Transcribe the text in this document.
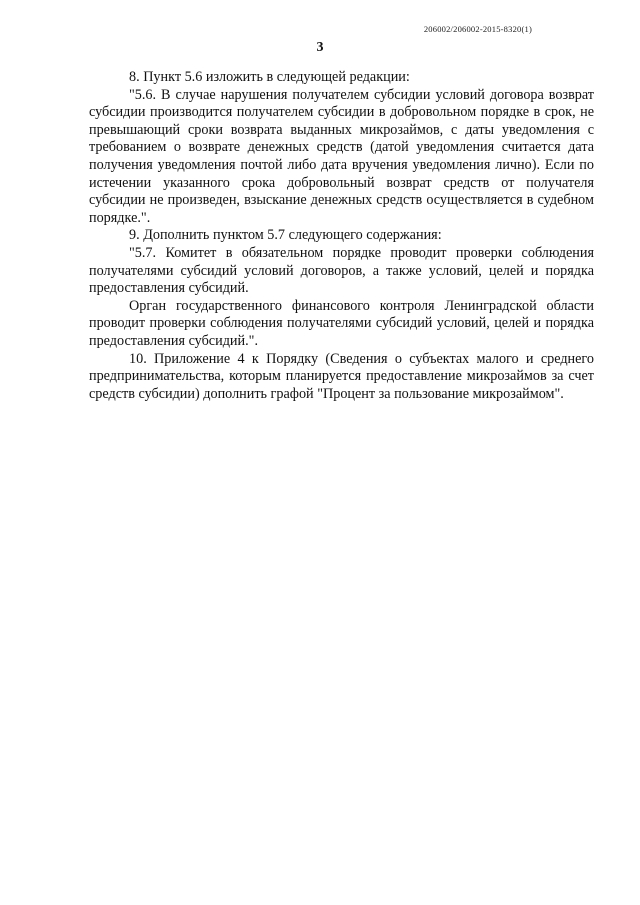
206002/206002-2015-8320(1)
3

8. Пункт 5.6 изложить в следующей редакции:

"5.6. В случае нарушения получателем субсидии условий договора возврат субсидии производится получателем субсидии в добровольном порядке в срок, не превышающий сроки возврата выданных микрозаймов, с даты уведомления с требованием о возврате денежных средств (датой уведомления считается дата получения уведомления почтой либо дата вручения уведомления лично). Если по истечении указанного срока добровольный возврат средств от получателя субсидии не произведен, взыскание денежных средств осуществляется в судебном порядке.".

9. Дополнить пунктом 5.7 следующего содержания:

"5.7. Комитет в обязательном порядке проводит проверки соблюдения получателями субсидий условий договоров, а также условий, целей и порядка предоставления субсидий.

Орган государственного финансового контроля Ленинградской области проводит проверки соблюдения получателями субсидий условий, целей и порядка предоставления субсидий.".

10. Приложение 4 к Порядку (Сведения о субъектах малого и среднего предпринимательства, которым планируется предоставление микрозаймов за счет средств субсидии) дополнить графой "Процент за пользование микрозаймом".
